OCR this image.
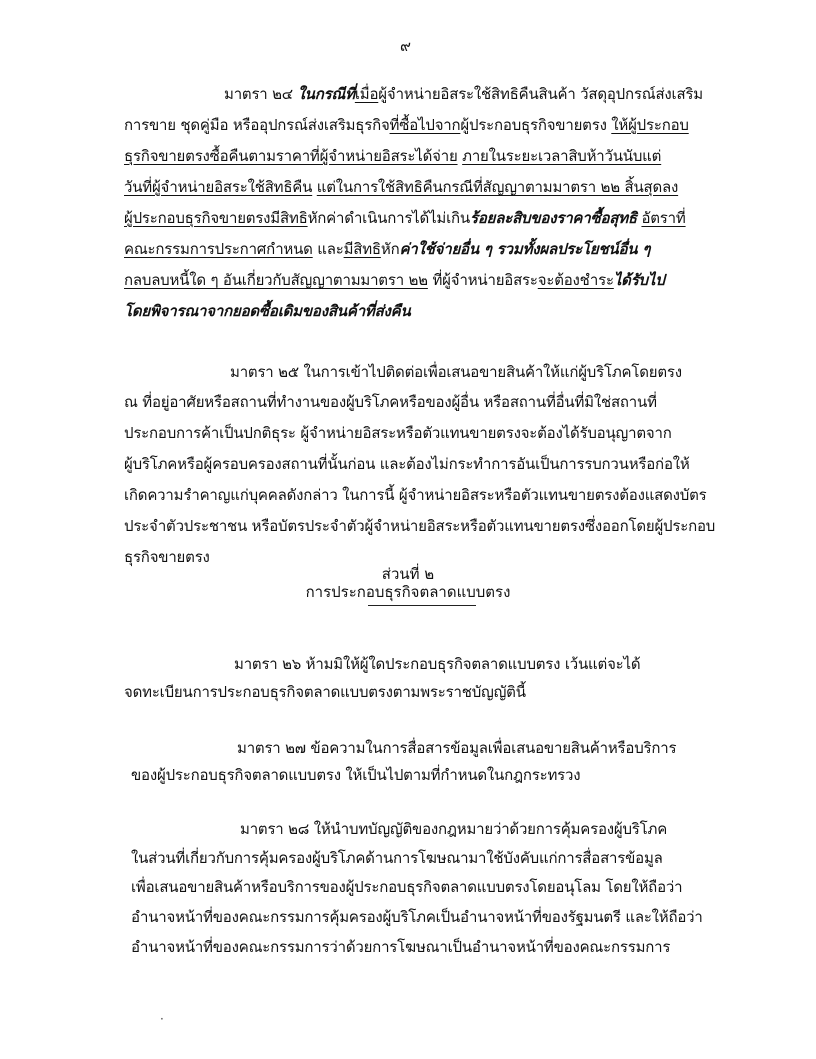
๙
มาตรา ๒๔ ในกรณีที่เมื่อผู้จำหน่ายอิสระใช้สิทธิคืนสินค้า วัสดุอุปกรณ์ส่งเสริม
การขาย ชุดคู่มือ หรืออุปกรณ์ส่งเสริมธุรกิจที่ซื้อไปจากผู้ประกอบธุรกิจขายตรง ให้ผู้ประกอบ
ธุรกิจขายตรงซื้อคืนตามราคาที่ผู้จำหน่ายอิสระได้จ่าย ภายในระยะเวลาสิบห้าวันนับแต่
วันที่ผู้จำหน่ายอิสระใช้สิทธิคืน แต่ในการใช้สิทธิคืนกรณีที่สัญญาตามมาตรา ๒๒ สิ้นสุดลง
ผู้ประกอบธุรกิจขายตรงมีสิทธิหักค่าดำเนินการได้ไม่เกินร้อยละสิบของราคาซื้อสุทธิ อัตราที่
คณะกรรมการประกาศกำหนด และมีสิทธิหักค่าใช้จ่ายอื่น ๆ รวมทั้งผลประโยชน์อื่น ๆ
กลบลบหนี้ใด ๆ อันเกี่ยวกับสัญญาตามมาตรา ๒๒ ที่ผู้จำหน่ายอิสระจะต้องชำระได้รับไป
โดยพิจารณาจากยอดซื้อเดิมของสินค้าที่ส่งคืน
มาตรา ๒๕ ในการเข้าไปติดต่อเพื่อเสนอขายสินค้าให้แก่ผู้บริโภคโดยตรง
ณ ที่อยู่อาศัยหรือสถานที่ทำงานของผู้บริโภคหรือของผู้อื่น หรือสถานที่อื่นที่มิใช่สถานที่
ประกอบการค้าเป็นปกติธุระ ผู้จำหน่ายอิสระหรือตัวแทนขายตรงจะต้องได้รับอนุญาตจาก
ผู้บริโภคหรือผู้ครอบครองสถานที่นั้นก่อน และต้องไม่กระทำการอันเป็นการรบกวนหรือก่อให้
เกิดความรำคาญแก่บุคคลดังกล่าว ในการนี้ ผู้จำหน่ายอิสระหรือตัวแทนขายตรงต้องแสดงบัตร
ประจำตัวประชาชน หรือบัตรประจำตัวผู้จำหน่ายอิสระหรือตัวแทนขายตรงซึ่งออกโดยผู้ประกอบ
ธุรกิจขายตรง
ส่วนที่ ๒
การประกอบธุรกิจตลาดแบบตรง
มาตรา ๒๖ ห้ามมิให้ผู้ใดประกอบธุรกิจตลาดแบบตรง เว้นแต่จะได้
จดทะเบียนการประกอบธุรกิจตลาดแบบตรงตามพระราชบัญญัตินี้
มาตรา ๒๗ ข้อความในการสื่อสารข้อมูลเพื่อเสนอขายสินค้าหรือบริการ
ของผู้ประกอบธุรกิจตลาดแบบตรง ให้เป็นไปตามที่กำหนดในกฎกระทรวง
มาตรา ๒๘ ให้นำบทบัญญัติของกฎหมายว่าด้วยการคุ้มครองผู้บริโภค
ในส่วนที่เกี่ยวกับการคุ้มครองผู้บริโภคด้านการโฆษณามาใช้บังคับแก่การสื่อสารข้อมูล
เพื่อเสนอขายสินค้าหรือบริการของผู้ประกอบธุรกิจตลาดแบบตรงโดยอนุโลม โดยให้ถือว่า
อำนาจหน้าที่ของคณะกรรมการคุ้มครองผู้บริโภคเป็นอำนาจหน้าที่ของรัฐมนตรี และให้ถือว่า
อำนาจหน้าที่ของคณะกรรมการว่าด้วยการโฆษณาเป็นอำนาจหน้าที่ของคณะกรรมการ
·
